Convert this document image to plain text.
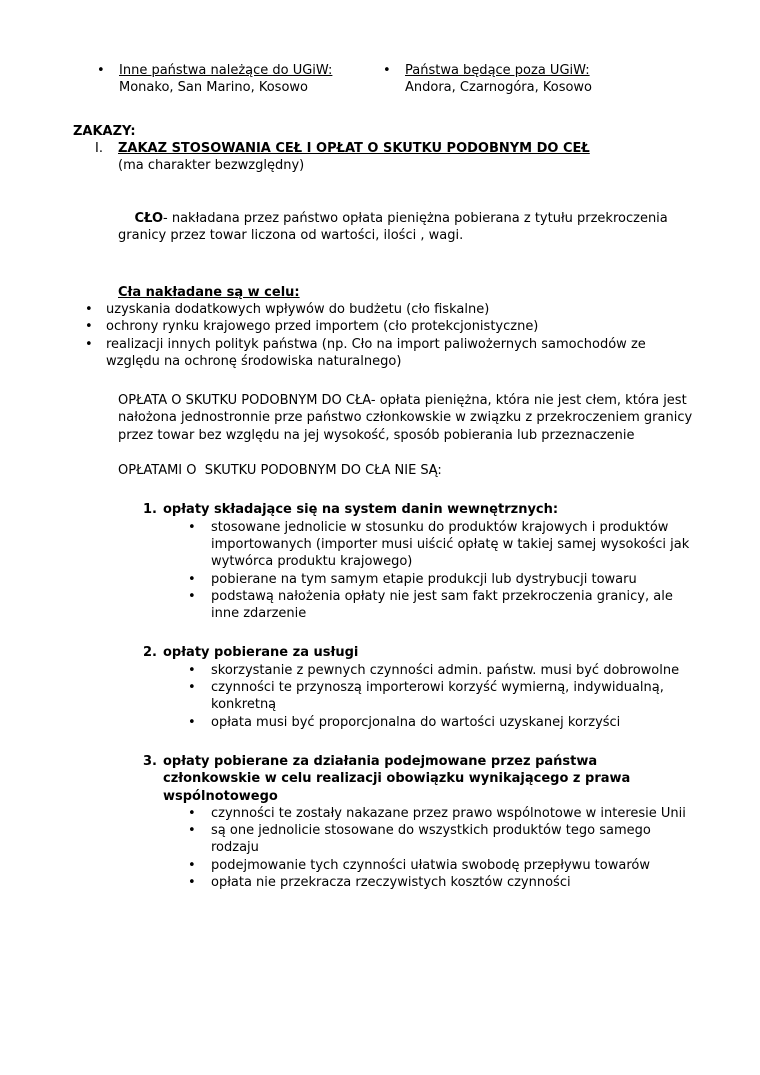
•	Inne państwa należące do UGiW:
Monako, San Marino, Kosowo
•	Państwa będące poza UGiW:
Andora, Czarnogóra, Kosowo
ZAKAZY:
I.	ZAKAZ STOSOWANIA CEŁ I OPŁAT O SKUTKU PODOBNYM DO CEŁ
(ma charakter bezwzględny)

CŁO- nakładana przez państwo opłata pieniężna pobierana z tytułu przekroczenia granicy przez towar liczona od wartości, ilości , wagi.

Cła nakładane są w celu:
•	uzyskania dodatkowych wpływów do budżetu (cło fiskalne)
•	ochrony rynku krajowego przed importem (cło protekcjonistyczne)
•	realizacji innych polityk państwa (np. Cło na import paliwożernych samochodów ze względu na ochronę środowiska naturalnego)
OPŁATA O SKUTKU PODOBNYM DO CŁA- opłata pieniężna, która nie jest cłem, która jest nałożona jednostronnie prze państwo członkowskie w związku z przekroczeniem granicy przez towar bez względu na jej wysokość, sposób pobierania lub przeznaczenie
OPŁATAMI O  SKUTKU PODOBNYM DO CŁA NIE SĄ:
1. opłaty składające się na system danin wewnętrznych:
•	stosowane jednolicie w stosunku do produktów krajowych i produktów importowanych (importer musi uiścić opłatę w takiej samej wysokości jak wytwórca produktu krajowego)
•	pobierane na tym samym etapie produkcji lub dystrybucji towaru
•	podstawą nałożenia opłaty nie jest sam fakt przekroczenia granicy, ale inne zdarzenie
2. opłaty pobierane za usługi
•	skorzystanie z pewnych czynności admin. państw. musi być dobrowolne
•	czynności te przynoszą importerowi korzyść wymierną, indywidualną, konkretną
•	opłata musi być proporcjonalna do wartości uzyskanej korzyści
3. opłaty pobierane za działania podejmowane przez państwa członkowskie w celu realizacji obowiązku wynikającego z prawa wspólnotowego
•	czynności te zostały nakazane przez prawo wspólnotowe w interesie Unii
•	są one jednolicie stosowane do wszystkich produktów tego samego rodzaju
•	podejmowanie tych czynności ułatwia swobodę przepływu towarów
•	opłata nie przekracza rzeczywistych kosztów czynności
